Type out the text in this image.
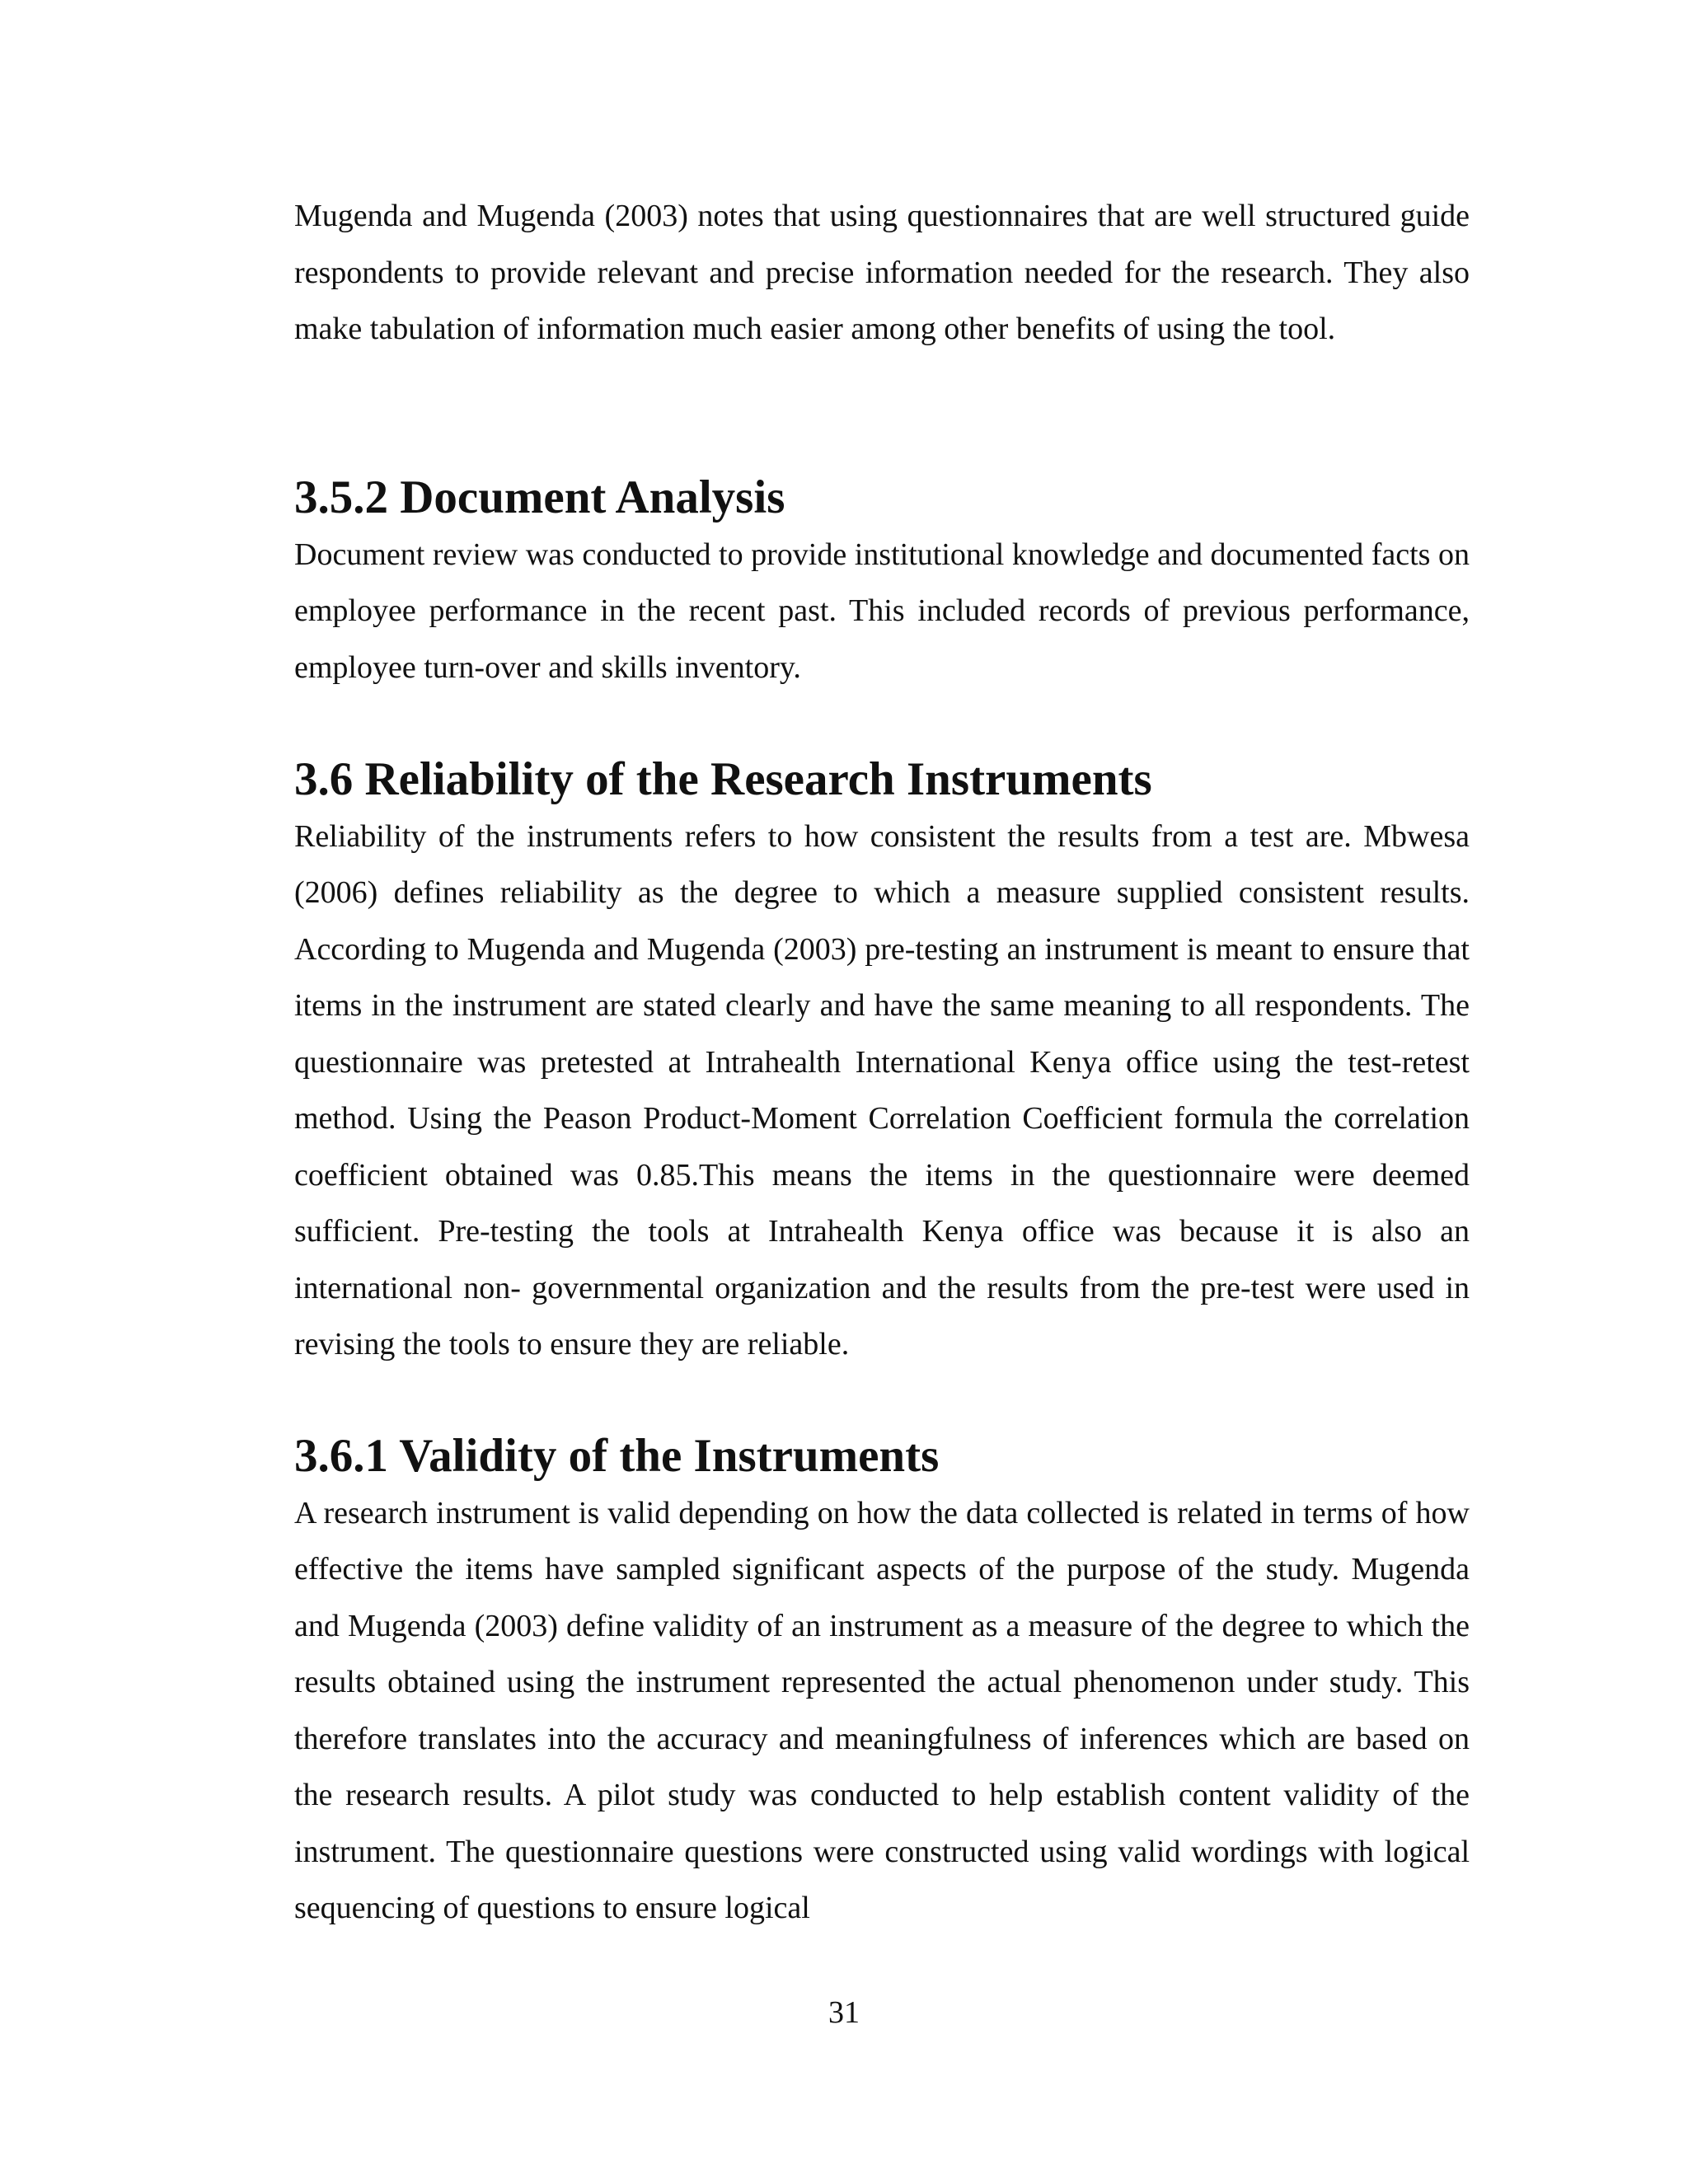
Mugenda and Mugenda (2003) notes that using questionnaires that are well structured guide respondents to provide relevant and precise information needed for the research. They also make tabulation of information much easier among other benefits of using the tool.

3.5.2 Document Analysis

Document review was conducted to provide institutional knowledge and documented facts on employee performance in the recent past. This included records of previous performance, employee turn-over and skills inventory.

3.6 Reliability of the Research Instruments

Reliability of the instruments refers to how consistent the results from a test are. Mbwesa (2006) defines reliability as the degree to which a measure supplied consistent results. According to Mugenda and Mugenda (2003) pre-testing an instrument is meant to ensure that items in the instrument are stated clearly and have the same meaning to all respondents. The questionnaire was pretested at Intrahealth International Kenya office using the test-retest method. Using the Peason Product-Moment Correlation Coefficient formula the correlation coefficient obtained was 0.85.This means the items in the questionnaire were deemed sufficient. Pre-testing the tools at Intrahealth Kenya office was because it is also an international non- governmental organization and the results from the pre-test were used in revising the tools to ensure they are reliable.

3.6.1 Validity of the Instruments

A research instrument is valid depending on how the data collected is related in terms of how effective the items have sampled significant aspects of the purpose of the study. Mugenda and Mugenda (2003) define validity of an instrument as a measure of the degree to which the results obtained using the instrument represented the actual phenomenon under study. This therefore translates into the accuracy and meaningfulness of inferences which are based on the research results. A pilot study was conducted to help establish content validity of the instrument. The questionnaire questions were constructed using valid wordings with logical sequencing of questions to ensure logical

31
